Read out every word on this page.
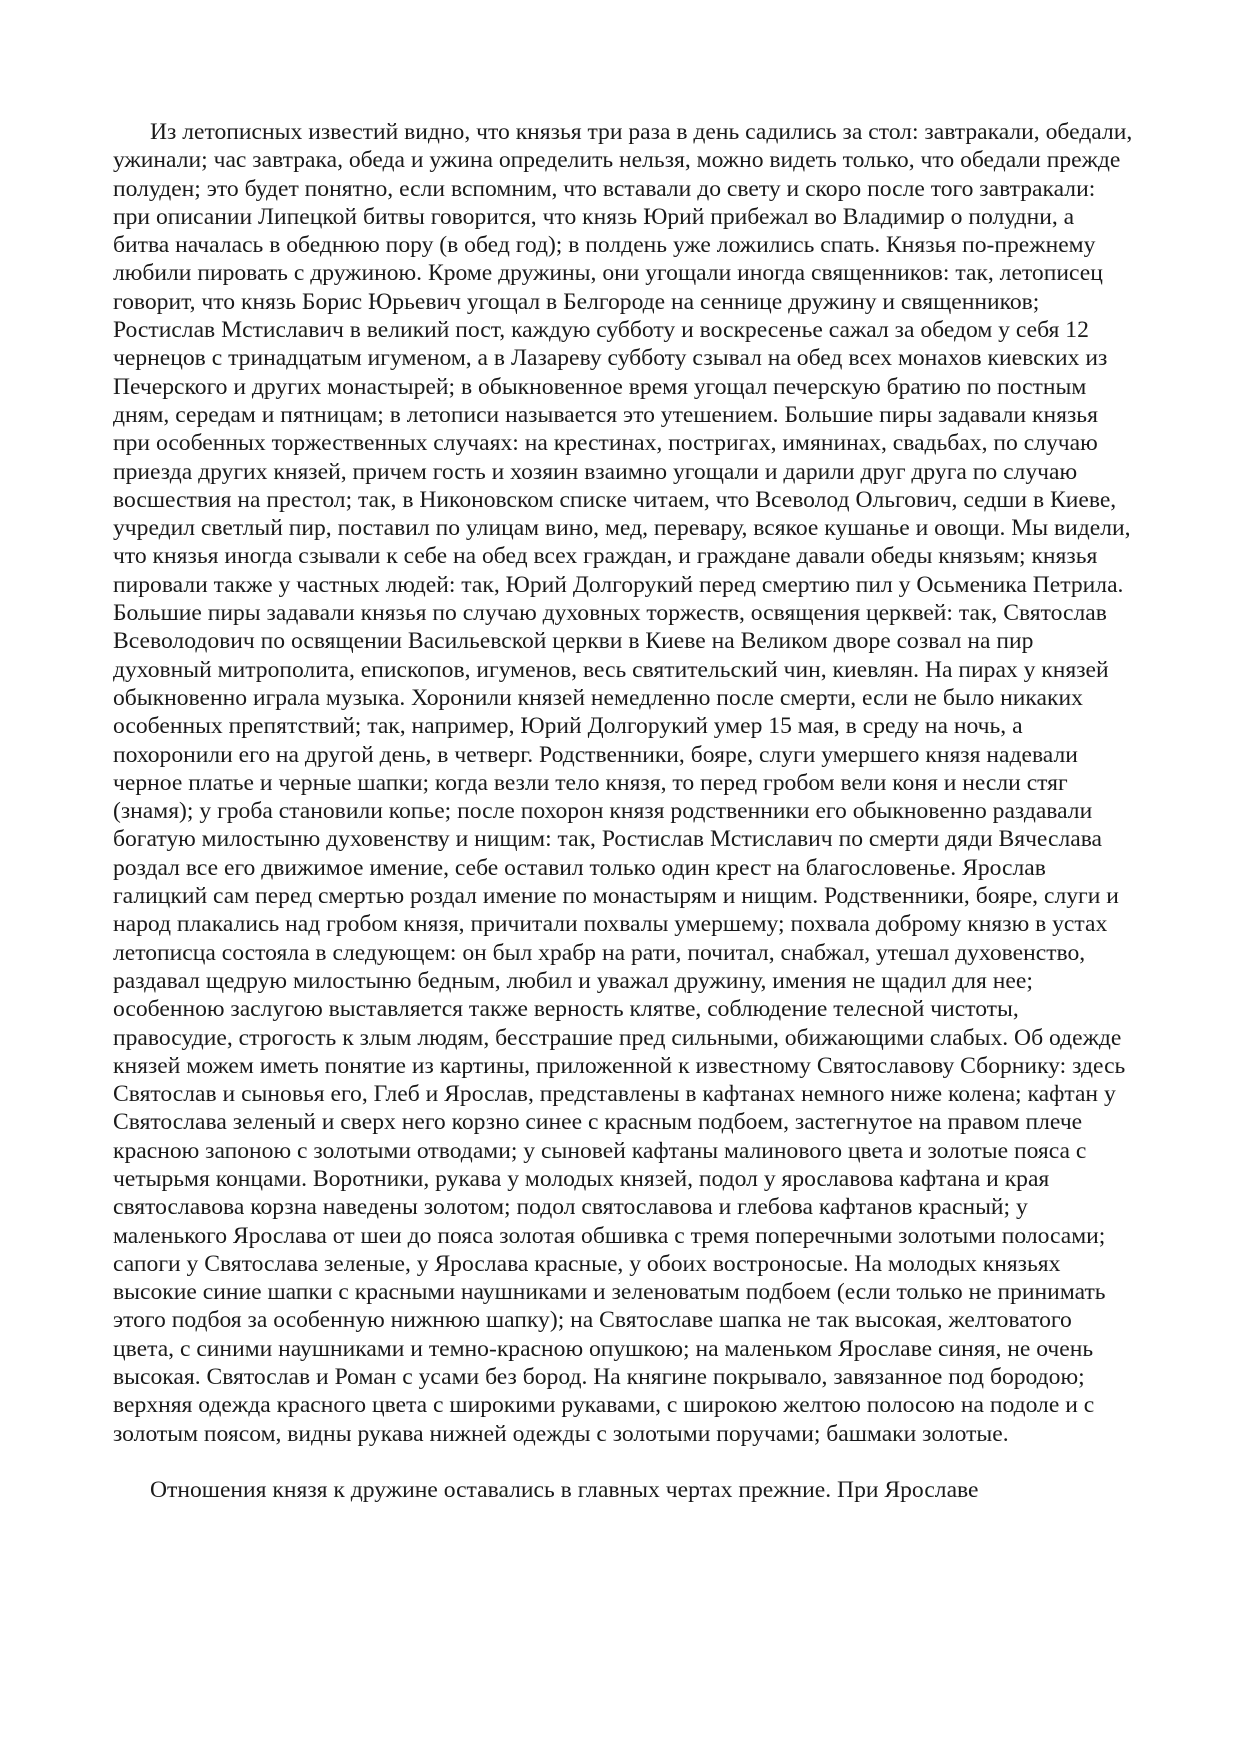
Из летописных известий видно, что князья три раза в день садились за стол: завтракали, обедали, ужинали; час завтрака, обеда и ужина определить нельзя, можно видеть только, что обедали прежде полуден; это будет понятно, если вспомним, что вставали до свету и скоро после того завтракали: при описании Липецкой битвы говорится, что князь Юрий прибежал во Владимир о полудни, а битва началась в обеднюю пору (в обед год); в полдень уже ложились спать. Князья по-прежнему любили пировать с дружиною. Кроме дружины, они угощали иногда священников: так, летописец говорит, что князь Борис Юрьевич угощал в Белгороде на сеннице дружину и священников; Ростислав Мстиславич в великий пост, каждую субботу и воскресенье сажал за обедом у себя 12 чернецов с тринадцатым игуменом, а в Лазареву субботу сзывал на обед всех монахов киевских из Печерского и других монастырей; в обыкновенное время угощал печерскую братию по постным дням, середам и пятницам; в летописи называется это утешением. Большие пиры задавали князья при особенных торжественных случаях: на крестинах, постригах, имянинах, свадьбах, по случаю приезда других князей, причем гость и хозяин взаимно угощали и дарили друг друга по случаю восшествия на престол; так, в Никоновском списке читаем, что Всеволод Ольгович, седши в Киеве, учредил светлый пир, поставил по улицам вино, мед, перевару, всякое кушанье и овощи. Мы видели, что князья иногда сзывали к себе на обед всех граждан, и граждане давали обеды князьям; князья пировали также у частных людей: так, Юрий Долгорукий перед смертию пил у Осьменика Петрила. Большие пиры задавали князья по случаю духовных торжеств, освящения церквей: так, Святослав Всеволодович по освящении Васильевской церкви в Киеве на Великом дворе созвал на пир духовный митрополита, епископов, игуменов, весь святительский чин, киевлян. На пирах у князей обыкновенно играла музыка. Хоронили князей немедленно после смерти, если не было никаких особенных препятствий; так, например, Юрий Долгорукий умер 15 мая, в среду на ночь, а похоронили его на другой день, в четверг. Родственники, бояре, слуги умершего князя надевали черное платье и черные шапки; когда везли тело князя, то перед гробом вели коня и несли стяг (знамя); у гроба становили копье; после похорон князя родственники его обыкновенно раздавали богатую милостыню духовенству и нищим: так, Ростислав Мстиславич по смерти дяди Вячеслава роздал все его движимое имение, себе оставил только один крест на благословенье. Ярослав галицкий сам перед смертью роздал имение по монастырям и нищим. Родственники, бояре, слуги и народ плакались над гробом князя, причитали похвалы умершему; похвала доброму князю в устах летописца состояла в следующем: он был храбр на рати, почитал, снабжал, утешал духовенство, раздавал щедрую милостыню бедным, любил и уважал дружину, имения не щадил для нее; особенною заслугою выставляется также верность клятве, соблюдение телесной чистоты, правосудие, строгость к злым людям, бесстрашие пред сильными, обижающими слабых. Об одежде князей можем иметь понятие из картины, приложенной к известному Святославову Сборнику: здесь Святослав и сыновья его, Глеб и Ярослав, представлены в кафтанах немного ниже колена; кафтан у Святослава зеленый и сверх него корзно синее с красным подбоем, застегнутое на правом плече красною запонoю с золотыми отводами; у сыновей кафтаны малинового цвета и золотые пояса с четырьмя концами. Воротники, рукава у молодых князей, подол у ярославова кафтана и края святославова корзна наведены золотом; подол святославова и глебова кафтанов красный; у маленького Ярослава от шеи до пояса золотая обшивка с тремя поперечными золотыми полосами; сапоги у Святослава зеленые, у Ярослава красные, у обоих востроносые. На молодых князьях высокие синие шапки с красными наушниками и зеленоватым подбоем (если только не принимать этого подбоя за особенную нижнюю шапку); на Святославе шапка не так высокая, желтоватого цвета, с синими наушниками и темно-красною опушкою; на маленьком Ярославе синяя, не очень высокая. Святослав и Роман с усами без бород. На княгине покрывало, завязанное под бородою; верхняя одежда красного цвета с широкими рукавами, с широкою желтою полосою на подоле и с золотым поясом, видны рукава нижней одежды с золотыми поручами; башмаки золотые.

Отношения князя к дружине оставались в главных чертах прежние. При Ярославе
